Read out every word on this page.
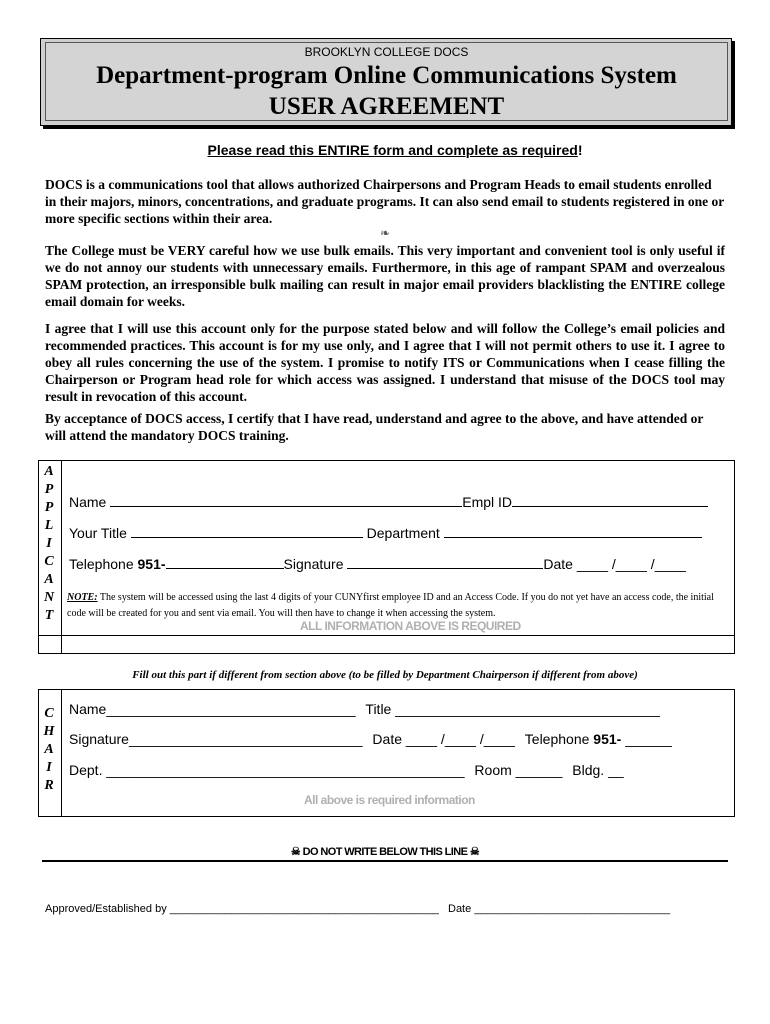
BROOKLYN COLLEGE DOCS
Department-program Online Communications System
USER AGREEMENT
Please read this ENTIRE form and complete as required!
DOCS is a communications tool that allows authorized Chairpersons and Program Heads to email students enrolled in their majors, minors, concentrations, and graduate programs. It can also send email to students registered in one or more specific sections within their area.
❧
The College must be VERY careful how we use bulk emails. This very important and convenient tool is only useful if we do not annoy our students with unnecessary emails. Furthermore, in this age of rampant SPAM and overzealous SPAM protection, an irresponsible bulk mailing can result in major email providers blacklisting the ENTIRE college email domain for weeks.
I agree that I will use this account only for the purpose stated below and will follow the College’s email policies and recommended practices. This account is for my use only, and I agree that I will not permit others to use it. I agree to obey all rules concerning the use of the system. I promise to notify ITS or Communications when I cease filling the Chairperson or Program head role for which access was assigned. I understand that misuse of the DOCS tool may result in revocation of this account.
By acceptance of DOCS access, I certify that I have read, understand and agree to the above, and have attended or will attend the mandatory DOCS training.
A
P
P
L
I
C
A
N
T
Name	Empl ID
Your Title	Department
Telephone 951-	Signature	Date ____ /____ /____
NOTE: The system will be accessed using the last 4 digits of your CUNYfirst employee ID and an Access Code. If you do not yet have an access code, the initial code will be created for you and sent via email. You will then have to change it when accessing the system.
ALL INFORMATION ABOVE IS REQUIRED
Fill out this part if different from section above (to be filled by Department Chairperson if different from above)
C
H
A
I
R
Name________________________________ Title __________________________________
Signature______________________________ Date ____ /____ /____ Telephone 951- ______
Dept. ______________________________________________ Room ______ Bldg. __
All above is required information
☠ DO NOT WRITE BELOW THIS LINE ☠
Approved/Established by ____________________________________________ Date ________________________________
